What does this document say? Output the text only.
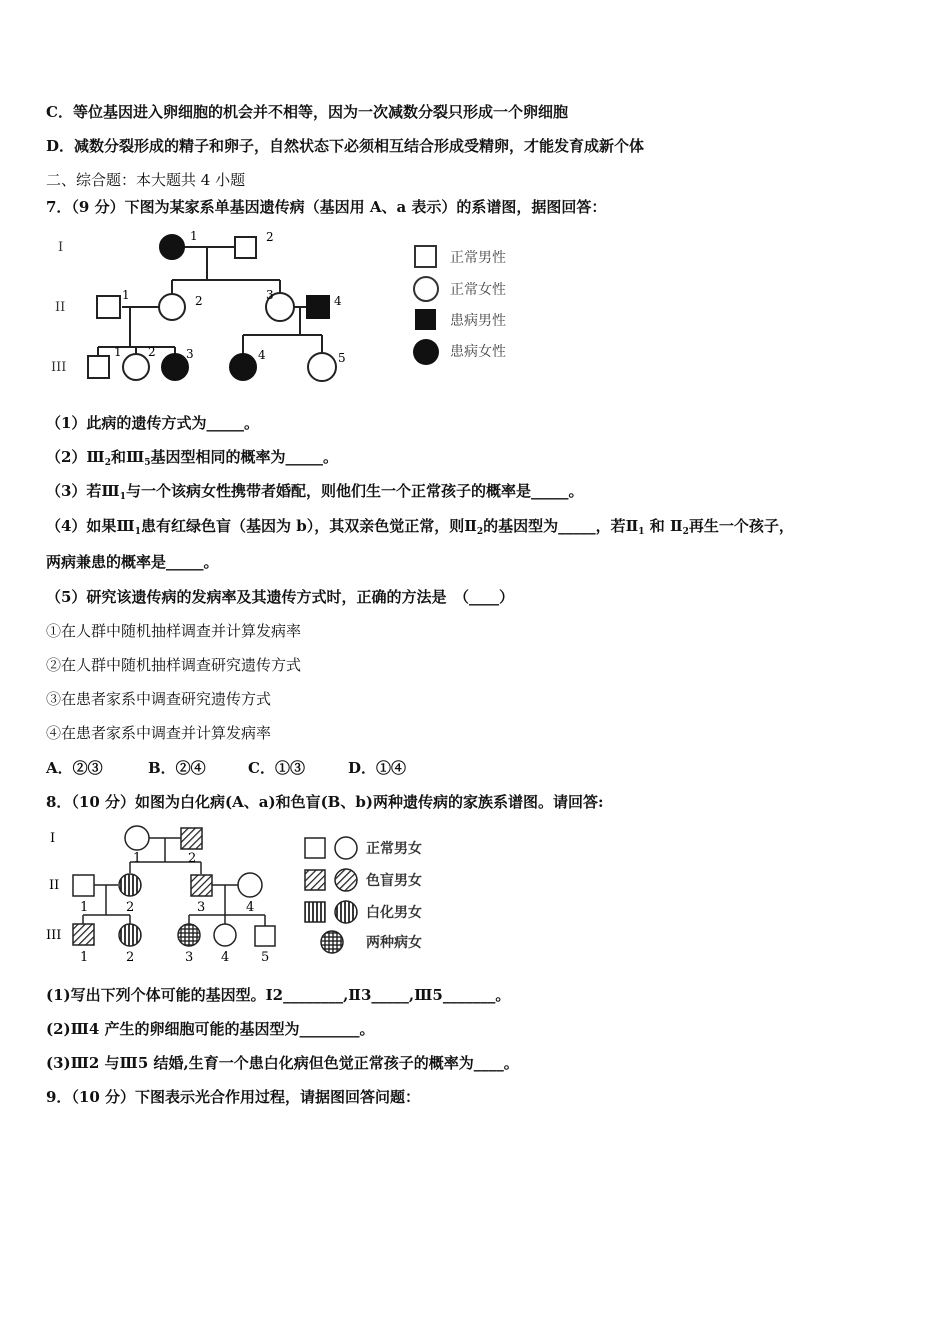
C．等位基因进入卵细胞的机会并不相等，因为一次减数分裂只形成一个卵细胞
D．减数分裂形成的精子和卵子，自然状态下必须相互结合形成受精卵，才能发育成新个体
二、综合题：本大题共 4 小题
7．（9 分）下图为某家系单基因遗传病（基因用 A、a 表示）的系谱图，据图回答：
I
II
III
1	2
1	2	3	4
1 2	3	4	5
正常男性
正常女性
患病男性
患病女性
（1）此病的遗传方式为_____。
$(2)Ⅲ_2$和$Ⅲ_5$基因型相同的概率为_____。
（3）若$Ⅲ_1$与一个该病女性携带者婚配，则他们生一个正常孩子的概率是_____。
（4）如果$Ⅲ_1$患有红绿色盲（基因为 b），其双亲色觉正常，则$Ⅱ_2$的基因型为_____，若$Ⅱ_1$ 和 $Ⅱ_2$再生一个孩子，
两病兼患的概率是_____。
（5）研究该遗传病的发病率及其遗传方式时，正确的方法是　（____）
①在人群中随机抽样调查并计算发病率
②在人群中随机抽样调查研究遗传方式
③在患者家系中调查研究遗传方式
④在患者家系中调查并计算发病率
A．②③	B．②④	C．①③	D．①④
8．（10 分）如图为白化病(A、a)和色盲(B、b)两种遗传病的家族系谱图。请回答:
I
II
III
1	2
1	2	3	4
1	2	3 4 5
正常男女
色盲男女
白化男女
两种病女
(1)写出下列个体可能的基因型。Ⅰ2________,Ⅱ3_____,Ⅲ5_______。
(2)Ⅲ4 产生的卵细胞可能的基因型为________。
(3)Ⅲ2 与Ⅲ5 结婚,生育一个患白化病但色觉正常孩子的概率为____。
9．（10 分）下图表示光合作用过程，请据图回答问题：
